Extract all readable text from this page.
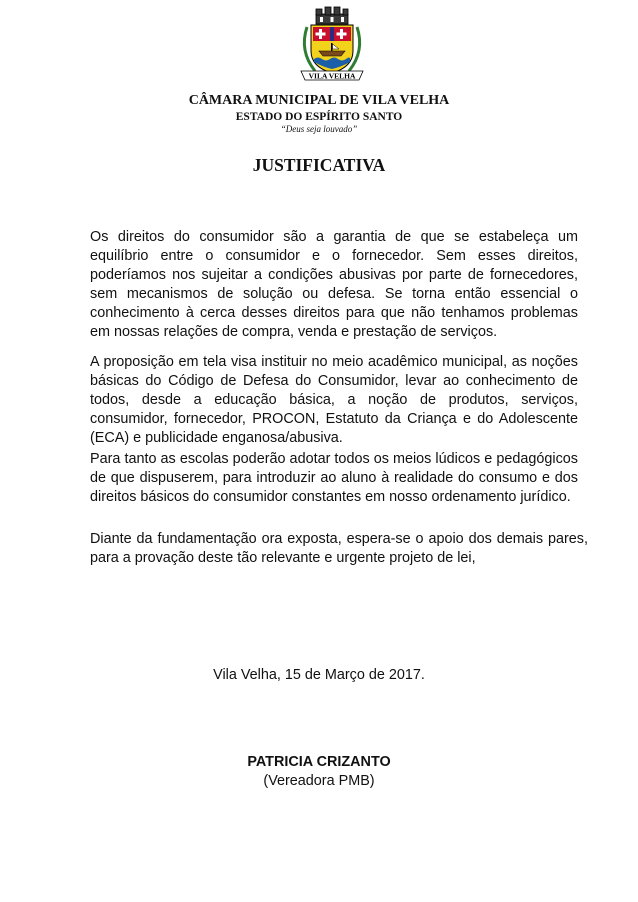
VILA VELHA
CÂMARA MUNICIPAL DE VILA VELHA
ESTADO DO ESPÍRITO SANTO
“Deus seja louvado”
JUSTIFICATIVA

Os direitos do consumidor são a garantia de que se estabeleça um equilíbrio entre o consumidor e o fornecedor. Sem esses direitos, poderíamos nos sujeitar a condições abusivas por parte de fornecedores, sem mecanismos de solução ou defesa. Se torna então essencial o conhecimento à cerca desses direitos para que não tenhamos problemas em nossas relações de compra, venda e prestação de serviços.

A proposição em tela visa instituir no meio acadêmico municipal, as noções básicas do Código de Defesa do Consumidor, levar ao conhecimento de todos, desde a educação básica, a noção de produtos, serviços, consumidor, fornecedor, PROCON, Estatuto da Criança e do Adolescente (ECA) e publicidade enganosa/abusiva.

Para tanto as escolas poderão adotar todos os meios lúdicos e pedagógicos de que dispuserem, para introduzir ao aluno à realidade do consumo e dos direitos básicos do consumidor constantes em nosso ordenamento jurídico.

Diante da fundamentação ora exposta, espera-se o apoio dos demais pares, para a provação deste tão relevante e urgente projeto de lei,

Vila Velha, 15 de Março de 2017.
PATRICIA CRIZANTO
(Vereadora PMB)
